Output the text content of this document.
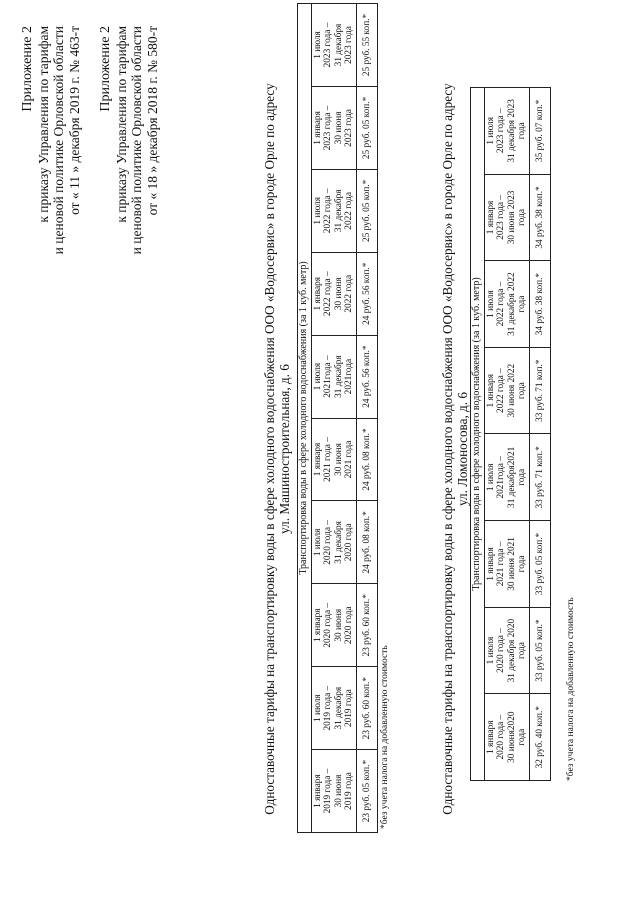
Приложение 2 к приказу Управления по тарифам и ценовой политике Орловской области от « 11 » декабря 2019 г. № 463-т Приложение 2 к приказу Управления по тарифам и ценовой политике Орловской области от « 18 » декабря 2018 г. № 580-т	Одноставочные тарифы на транспортировку воды в сфере холодного водоснабжения ООО «Водосервис» в городе Орле по адресу ул. Машиностроительная, д. 6 Транспортировка воды в сфере холодного водоснабжения (за 1 куб. метр)									
1 января
2019 года –
30 июня
2019 года	1 июля
2019 года –
31 декабря
2019 года	1 января
2020 года –
30 июня
2020 года	1 июля
2020 года –
31 декабря
2020 года	1 января
2021 года –
30 июня
2021 года	1 июля
2021года –
31 декабря
2021года	1 января
2022 года –
30 июня
2022 года	1 июля
2022 года –
31 декабря
2022 года	1 января
2023 года –
30 июня
2023 года	1 июля
2023 года –
31 декабря
2023 года
23 руб. 05 коп.*	23 руб. 60 коп.*	23 руб. 60 коп.*	24 руб. 08 коп.*	24 руб. 08 коп.*	24 руб. 56 коп.*	24 руб. 56 коп.*	25 руб. 05 коп.*	25 руб. 05 коп.*	25 руб. 55 коп.*
*без учета налога на добавленную стоимость	Одноставочные тарифы на транспортировку воды в сфере холодного водоснабжения ООО «Водосервис» в городе Орле по адресу ул. Ломоносова, д. 6 Транспортировка воды в сфере холодного водоснабжения (за 1 куб. метр)							
1 января
2020 года –
30 июня2020
года	1 июля
2020 года –
31 декабря 2020
года	1 января
2021 года –
30 июня 2021
года	1 июля
2021года –
31 декабря2021
года	1 января
2022 года –
30 июня 2022
года	1 июля
2022 года –
31 декабря 2022
года	1 января
2023 года –
30 июня 2023
года	1 июля
2023 года –
31 декабря 2023
года
32 руб. 40 коп.*	33 руб. 05 коп.*	33 руб. 05 коп.*	33 руб. 71 коп.*	33 руб. 71 коп.*	34 руб. 38 коп.*	34 руб. 38 коп.*	35 руб. 07 коп.*
*без учета налога на добавленную стоимость
